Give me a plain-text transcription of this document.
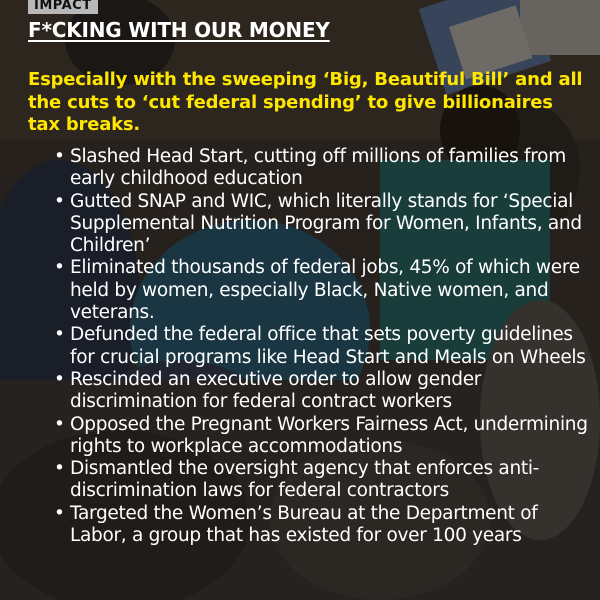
IMPACT
F*CKING WITH OUR MONEY
Especially with the sweeping ‘Big, Beautiful Bill’ and all the cuts to ‘cut federal spending’ to give billionaires tax breaks.
• Slashed Head Start, cutting off millions of families from early childhood education
• Gutted SNAP and WIC, which literally stands for ‘Special Supplemental Nutrition Program for Women, Infants, and Children’
• Eliminated thousands of federal jobs, 45% of which were held by women, especially Black, Native women, and veterans.
• Defunded the federal office that sets poverty guidelines for crucial programs like Head Start and Meals on Wheels
• Rescinded an executive order to allow gender discrimination for federal contract workers
• Opposed the Pregnant Workers Fairness Act, undermining rights to workplace accommodations
• Dismantled the oversight agency that enforces anti-discrimination laws for federal contractors
• Targeted the Women’s Bureau at the Department of Labor, a group that has existed for over 100 years
